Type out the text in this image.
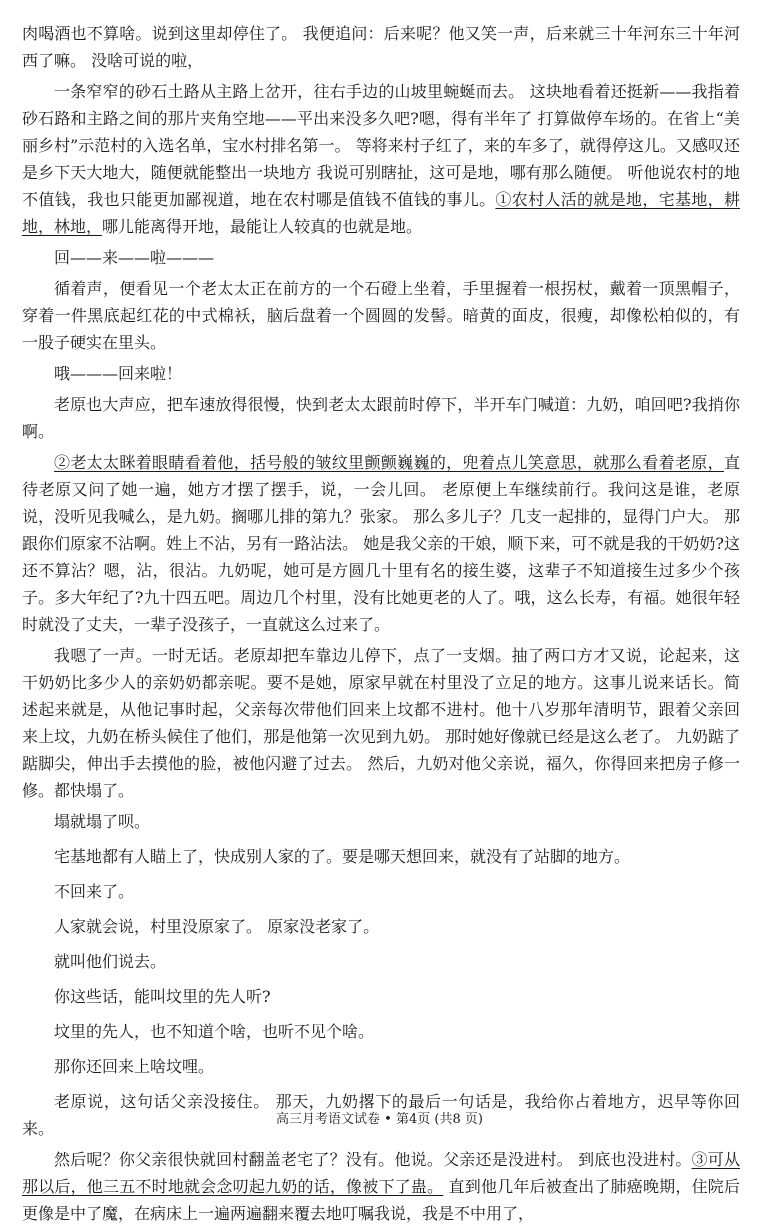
肉喝酒也不算啥。说到这里却停住了。 我便追问：后来呢？他又笑一声，后来就三十年河东三十年河西了嘛。 没啥可说的啦，

一条窄窄的砂石土路从主路上岔开，往右手边的山坡里蜿蜒而去。 这块地看着还挺新——我指着砂石路和主路之间的那片夹角空地——平出来没多久吧?嗯，得有半年了 打算做停车场的。在省上“美丽乡村”示范村的入选名单，宝水村排名第一。 等将来村子红了，来的车多了，就得停这儿。又感叹还是乡下天大地大，随便就能整出一块地方 我说可别瞎扯，这可是地，哪有那么随便。 听他说农村的地不值钱，我也只能更加鄙视道，地在农村哪是值钱不值钱的事儿。①农村人活的就是地，宅基地，耕地，林地，哪儿能离得开地，最能让人较真的也就是地。

回——来——啦———

循着声，便看见一个老太太正在前方的一个石磴上坐着，手里握着一根拐杖，戴着一顶黑帽子，穿着一件黑底起红花的中式棉袄，脑后盘着一个圆圆的发髻。暗黄的面皮，很瘦，却像松柏似的，有一股子硬实在里头。

哦———回来啦！

老原也大声应，把车速放得很慢，快到老太太跟前时停下，半开车门喊道：九奶，咱回吧?我捎你啊。

②老太太眯着眼睛看着他，括号般的皱纹里颤颤巍巍的，兜着点儿笑意思，就那么看着老原，直待老原又问了她一遍，她方才摆了摆手，说，一会儿回。 老原便上车继续前行。我问这是谁，老原说，没听见我喊么，是九奶。搁哪儿排的第九？张家。 那么多儿子？几支一起排的，显得门户大。 那跟你们原家不沾啊。姓上不沾，另有一路沾法。 她是我父亲的干娘，顺下来，可不就是我的干奶奶?这还不算沾？嗯，沾，很沾。九奶呢，她可是方圆几十里有名的接生婆，这辈子不知道接生过多少个孩子。多大年纪了?九十四五吧。周边几个村里，没有比她更老的人了。哦，这么长寿，有福。她很年轻时就没了丈夫，一辈子没孩子，一直就这么过来了。

我嗯了一声。一时无话。老原却把车靠边儿停下，点了一支烟。抽了两口方才又说，论起来，这干奶奶比多少人的亲奶奶都亲呢。要不是她，原家早就在村里没了立足的地方。这事儿说来话长。简述起来就是，从他记事时起，父亲每次带他们回来上坟都不进村。他十八岁那年清明节，跟着父亲回来上坟，九奶在桥头候住了他们，那是他第一次见到九奶。 那时她好像就已经是这么老了。 九奶踮了踮脚尖，伸出手去摸他的脸，被他闪避了过去。 然后，九奶对他父亲说，福久，你得回来把房子修一修。都快塌了。

塌就塌了呗。

宅基地都有人瞄上了，快成别人家的了。要是哪天想回来，就没有了站脚的地方。

不回来了。

人家就会说，村里没原家了。 原家没老家了。

就叫他们说去。

你这些话，能叫坟里的先人听?

坟里的先人，也不知道个啥，也听不见个啥。

那你还回来上啥坟哩。

老原说，这句话父亲没接住。 那天，九奶撂下的最后一句话是，我给你占着地方，迟早等你回来。

然后呢？你父亲很快就回村翻盖老宅了？没有。他说。父亲还是没进村。 到底也没进村。③可从那以后，他三五不时地就会念叨起九奶的话，像被下了蛊。 直到他几年后被查出了肺癌晚期，住院后更像是中了魔，在病床上一遍两遍翻来覆去地叮嘱我说，我是不中用了，

高三月考语文试卷 • 第4页 (共8 页)
